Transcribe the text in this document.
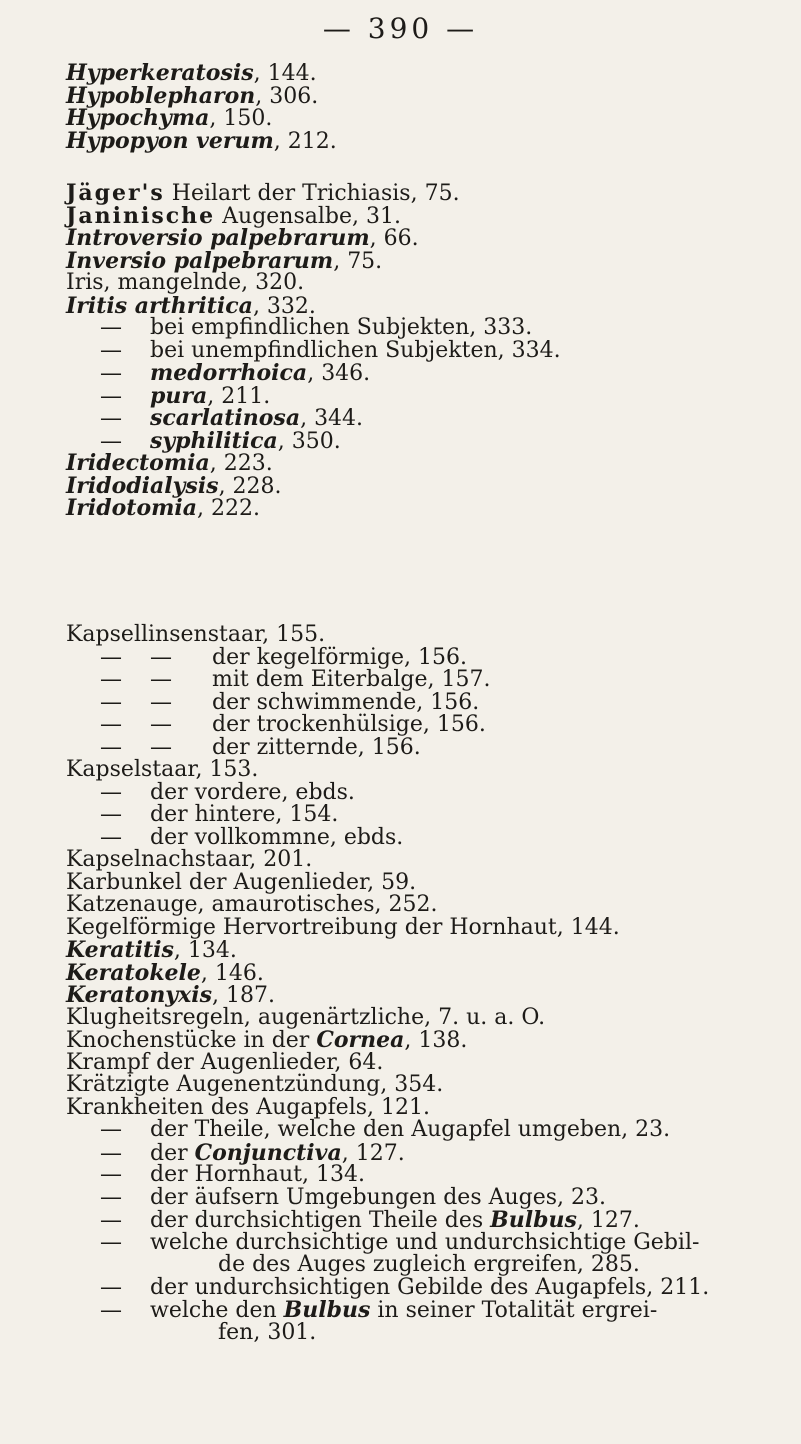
— 390 —
Hyperkeratosis, 144.
Hypoblepharon, 306.
Hypochyma, 150.
Hypopyon verum, 212.
Jäger's Heilart der Trichiasis, 75.
Janinische Augensalbe, 31.
Introversio palpebrarum, 66.
Inversio palpebrarum, 75.
Iris, mangelnde, 320.
Iritis arthritica, 332.
— bei empfindlichen Subjekten, 333.
— bei unempfindlichen Subjekten, 334.
— medorrhoica, 346.
— pura, 211.
— scarlatinosa, 344.
— syphilitica, 350.
Iridectomia, 223.
Iridodialysis, 228.
Iridotomia, 222.
Kapsellinsenstaar, 155.
— — der kegelförmige, 156.
— — mit dem Eiterbalge, 157.
— — der schwimmende, 156.
— — der trockenhülsige, 156.
— — der zitternde, 156.
Kapselstaar, 153.
— der vordere, ebds.
— der hintere, 154.
— der vollkommne, ebds.
Kapselnachstaar, 201.
Karbunkel der Augenlieder, 59.
Katzenauge, amaurotisches, 252.
Kegelförmige Hervortreibung der Hornhaut, 144.
Keratitis, 134.
Keratokele, 146.
Keratonyxis, 187.
Klugheitsregeln, augenärtzliche, 7. u. a. O.
Knochenstücke in der Cornea, 138.
Krampf der Augenlieder, 64.
Krätzigte Augenentzündung, 354.
Krankheiten des Augapfels, 121.
— der Theile, welche den Augapfel umgeben, 23.
— der Conjunctiva, 127.
— der Hornhaut, 134.
— der äufsern Umgebungen des Auges, 23.
— der durchsichtigen Theile des Bulbus, 127.
— welche durchsichtige und undurchsichtige Gebil-
de des Auges zugleich ergreifen, 285.
— der undurchsichtigen Gebilde des Augapfels, 211.
— welche den Bulbus in seiner Totalität ergrei-
fen, 301.
